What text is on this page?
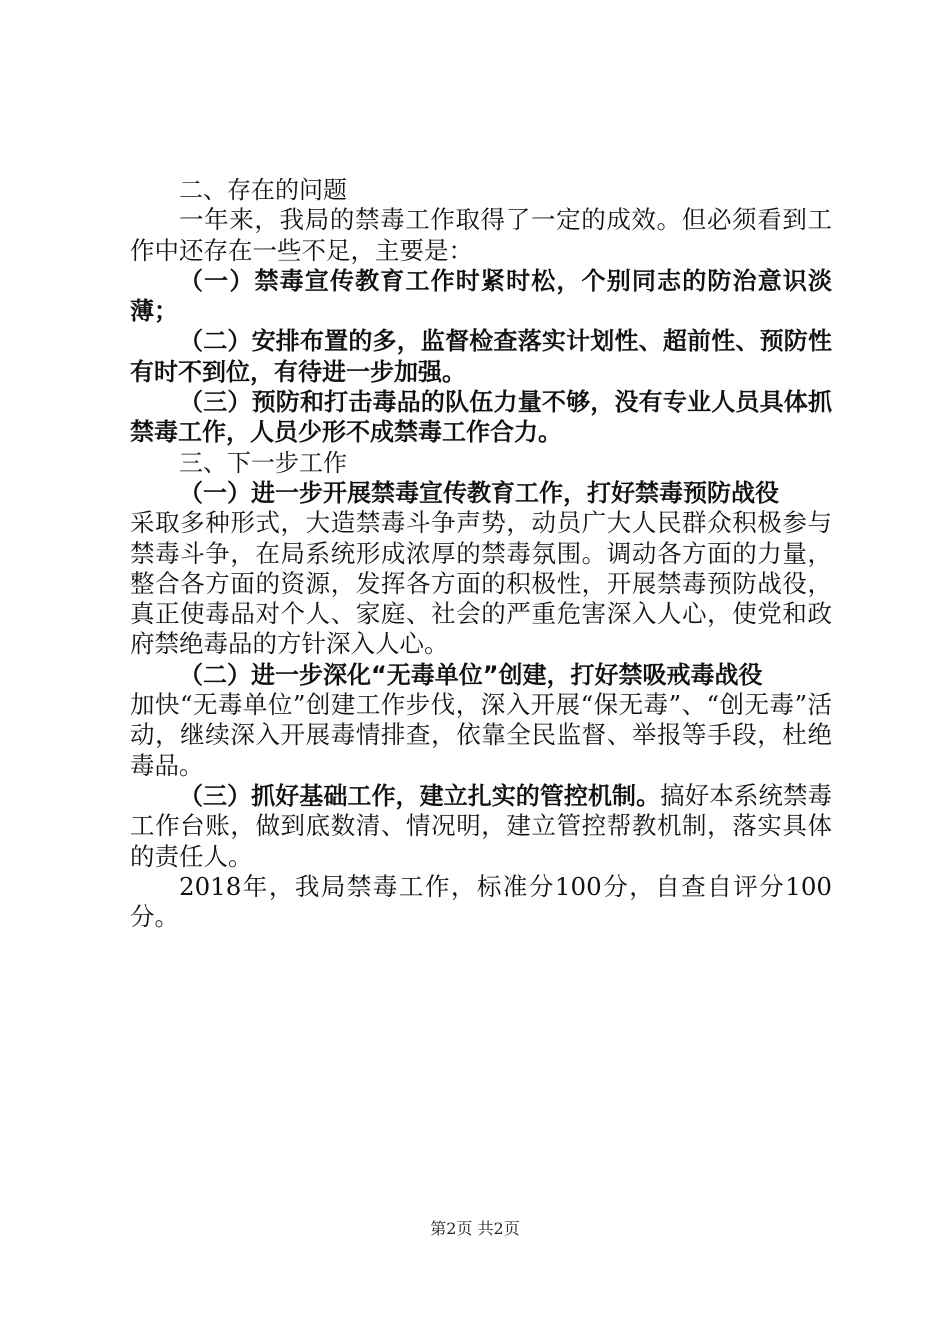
二、存在的问题

一年来，我局的禁毒工作取得了一定的成效。但必须看到工作中还存在一些不足，主要是：

（一）禁毒宣传教育工作时紧时松，个别同志的防治意识淡薄；

（二）安排布置的多，监督检查落实计划性、超前性、预防性有时不到位，有待进一步加强。

（三）预防和打击毒品的队伍力量不够，没有专业人员具体抓禁毒工作，人员少形不成禁毒工作合力。

三、下一步工作

（一）进一步开展禁毒宣传教育工作，打好禁毒预防战役

采取多种形式，大造禁毒斗争声势，动员广大人民群众积极参与禁毒斗争，在局系统形成浓厚的禁毒氛围。调动各方面的力量，整合各方面的资源，发挥各方面的积极性，开展禁毒预防战役，真正使毒品对个人、家庭、社会的严重危害深入人心，使党和政府禁绝毒品的方针深入人心。

（二）进一步深化“无毒单位”创建，打好禁吸戒毒战役

加快“无毒单位”创建工作步伐，深入开展“保无毒”、“创无毒”活动，继续深入开展毒情排查，依靠全民监督、举报等手段，杜绝毒品。

（三）抓好基础工作，建立扎实的管控机制。搞好本系统禁毒工作台账，做到底数清、情况明，建立管控帮教机制，落实具体的责任人。

2018年，我局禁毒工作，标准分100分，自查自评分100分。

第2页 共2页
